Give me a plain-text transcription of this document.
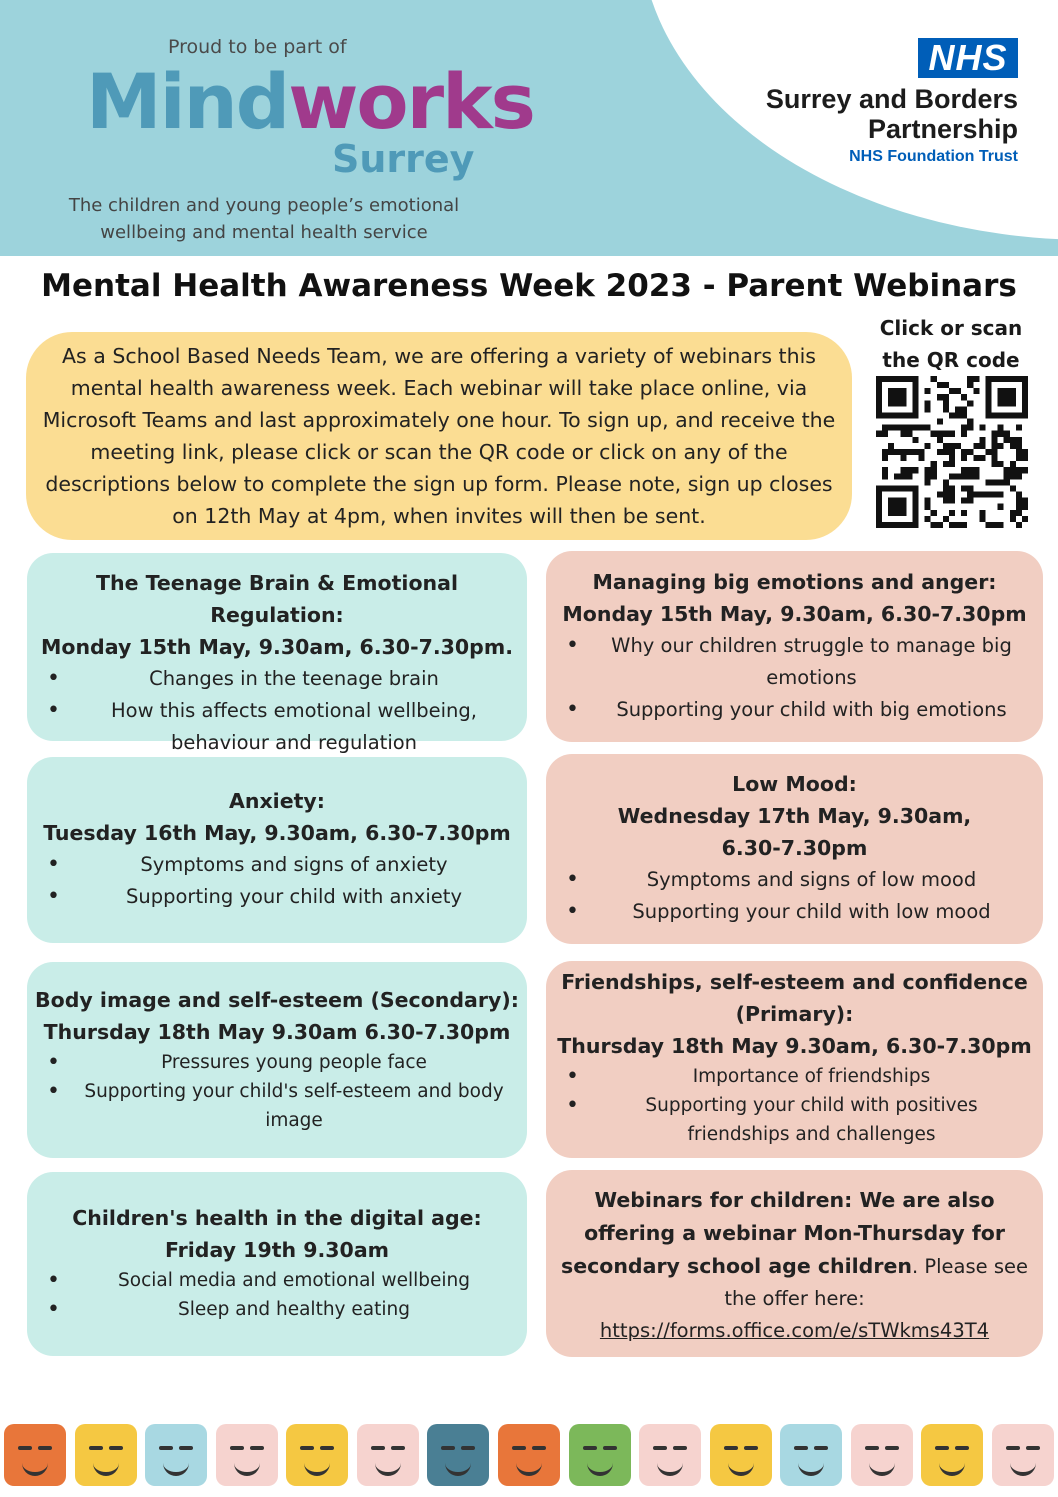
Proud to be part of
Mindworks
Surrey
The children and young people’s emotional wellbeing and mental health service
NHS
Surrey and Borders
Partnership
NHS Foundation Trust
Mental Health Awareness Week 2023 - Parent Webinars
As a School Based Needs Team, we are offering a variety of webinars this mental health awareness week. Each webinar will take place online, via Microsoft Teams and last approximately one hour. To sign up, and receive the meeting link, please click or scan the QR code or click on any of the descriptions below to complete the sign up form. Please note, sign up closes on 12th May at 4pm, when invites will then be sent.
Click or scan the QR code
The Teenage Brain & Emotional Regulation:
Monday 15th May, 9.30am, 6.30-7.30pm.
• Changes in the teenage brain
• How this affects emotional wellbeing, behaviour and regulation
Managing big emotions and anger:
Monday 15th May, 9.30am, 6.30-7.30pm
• Why our children struggle to manage big emotions
• Supporting your child with big emotions
Anxiety:
Tuesday 16th May, 9.30am, 6.30-7.30pm
• Symptoms and signs of anxiety
• Supporting your child with anxiety
Low Mood:
Wednesday 17th May, 9.30am, 6.30-7.30pm
• Symptoms and signs of low mood
• Supporting your child with low mood
Body image and self-esteem (Secondary):
Thursday 18th May 9.30am 6.30-7.30pm
• Pressures young people face
• Supporting your child's self-esteem and body image
Friendships, self-esteem and confidence (Primary):
Thursday 18th May 9.30am, 6.30-7.30pm
• Importance of friendships
• Supporting your child with positives friendships and challenges
Children's health in the digital age:
Friday 19th 9.30am
• Social media and emotional wellbeing
• Sleep and healthy eating
Webinars for children: We are also offering a webinar Mon-Thursday for secondary school age children. Please see the offer here:
https://forms.office.com/e/sTWkms43T4
